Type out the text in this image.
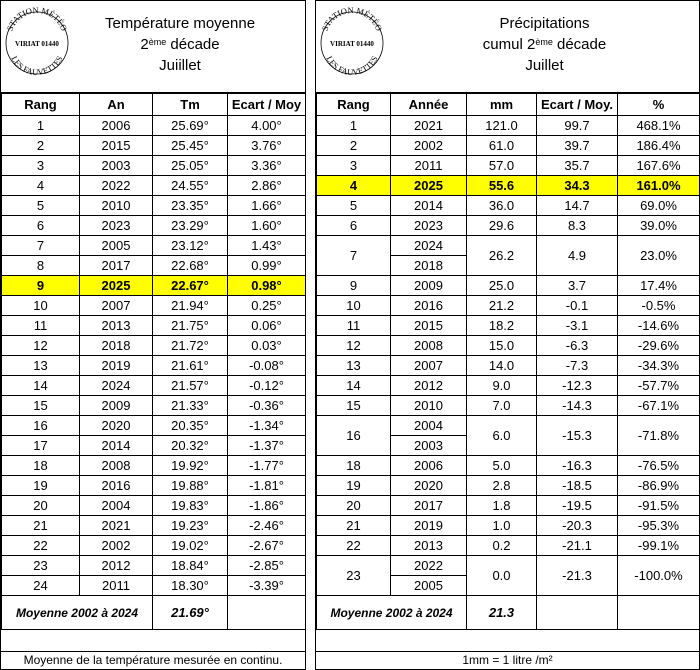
STATION MÉTÉO
VIRIAT 01440
LES FAUVETTES
Température moyenne
2ème décade
Juiillet
Rang	An	Tm	Ecart / Moy
1	2006	25.69°	4.00°
2	2015	25.45°	3.76°
3	2003	25.05°	3.36°
4	2022	24.55°	2.86°
5	2010	23.35°	1.66°
6	2023	23.29°	1.60°
7	2005	23.12°	1.43°
8	2017	22.68°	0.99°
9	2025	22.67°	0.98°
10	2007	21.94°	0.25°
11	2013	21.75°	0.06°
12	2018	21.72°	0.03°
13	2019	21.61°	-0.08°
14	2024	21.57°	-0.12°
15	2009	21.33°	-0.36°
16	2020	20.35°	-1.34°
17	2014	20.32°	-1.37°
18	2008	19.92°	-1.77°
19	2016	19.88°	-1.81°
20	2004	19.83°	-1.86°
21	2021	19.23°	-2.46°
22	2002	19.02°	-2.67°
23	2012	18.84°	-2.85°
24	2011	18.30°	-3.39°
Moyenne 2002 à 2024		21.69°	
Moyenne de la température mesurée en continu.
STATION MÉTÉO
VIRIAT 01440
LES FAUVETTES
Précipitations
cumul 2ème décade
Juillet
Rang	Année	mm	Ecart / Moy.	%
1	2021	121.0	99.7	468.1%
2	2002	61.0	39.7	186.4%
3	2011	57.0	35.7	167.6%
4	2025	55.6	34.3	161.0%
5	2014	36.0	14.7	69.0%
6	2023	29.6	8.3	39.0%
7	2024	26.2	4.9	23.0%
	2018			
9	2009	25.0	3.7	17.4%
10	2016	21.2	-0.1	-0.5%
11	2015	18.2	-3.1	-14.6%
12	2008	15.0	-6.3	-29.6%
13	2007	14.0	-7.3	-34.3%
14	2012	9.0	-12.3	-57.7%
15	2010	7.0	-14.3	-67.1%
16	2004	6.0	-15.3	-71.8%
	2003			
18	2006	5.0	-16.3	-76.5%
19	2020	2.8	-18.5	-86.9%
20	2017	1.8	-19.5	-91.5%
21	2019	1.0	-20.3	-95.3%
22	2013	0.2	-21.1	-99.1%
23	2022	0.0	-21.3	-100.0%
	2005			
Moyenne 2002 à 2024		21.3		
1mm = 1 litre /m²
